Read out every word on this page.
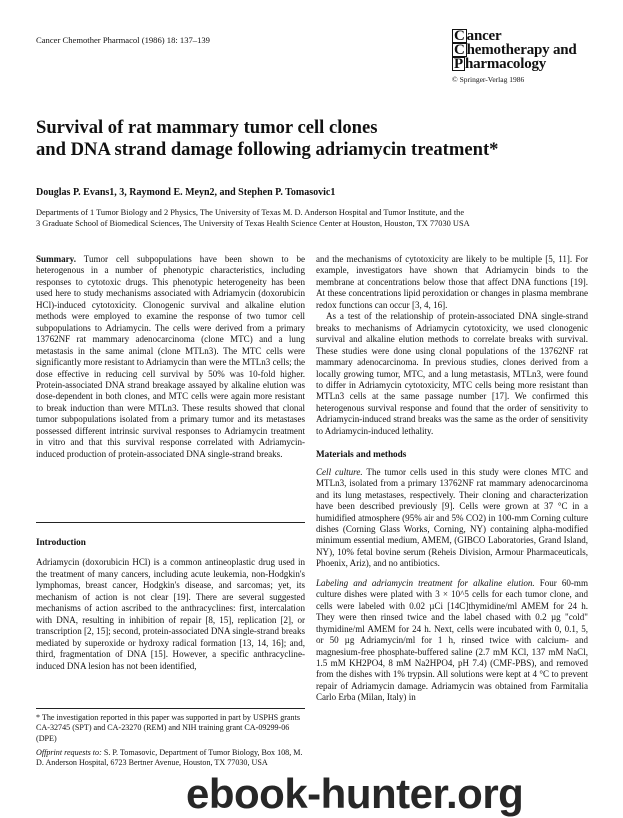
Cancer Chemother Pharmacol (1986) 18: 137–139	C ancer
C hemotherapy and
P harmacology
© Springer-Verlag 1986
Survival of rat mammary tumor cell clones
and DNA strand damage following adriamycin treatment*
Douglas P. Evans1, 3, Raymond E. Meyn2, and Stephen P. Tomasovic1
Departments of 1 Tumor Biology and 2 Physics, The University of Texas M. D. Anderson Hospital and Tumor Institute, and the
3 Graduate School of Biomedical Sciences, The University of Texas Health Science Center at Houston, Houston, TX 77030 USA

Summary. Tumor cell subpopulations have been shown to be heterogenous in a number of phenotypic characteristics, including responses to cytotoxic drugs. This phenotypic heterogeneity has been used here to study mechanisms associated with Adriamycin (doxorubicin HCl)-induced cytotoxicity. Clonogenic survival and alkaline elution methods were employed to examine the response of two tumor cell subpopulations to Adriamycin. The cells were derived from a primary 13762NF rat mammary adenocarcinoma (clone MTC) and a lung metastasis in the same animal (clone MTLn3). The MTC cells were significantly more resistant to Adriamycin than were the MTLn3 cells; the dose effective in reducing cell survival by 50% was 10-fold higher. Protein-associated DNA strand breakage assayed by alkaline elution was dose-dependent in both clones, and MTC cells were again more resistant to break induction than were MTLn3. These results showed that clonal tumor subpopulations isolated from a primary tumor and its metastases possessed different intrinsic survival responses to Adriamycin treatment in vitro and that this survival response correlated with Adriamycin-induced production of protein-associated DNA single-strand breaks.

Introduction

Adriamycin (doxorubicin HCl) is a common antineoplastic drug used in the treatment of many cancers, including acute leukemia, non-Hodgkin's lymphomas, breast cancer, Hodgkin's disease, and sarcomas; yet, its mechanism of action is not clear [19]. There are several suggested mechanisms of action ascribed to the anthracyclines: first, intercalation with DNA, resulting in inhibition of repair [8, 15], replication [2], or transcription [2, 15]; second, protein-associated DNA single-strand breaks mediated by superoxide or hydroxy radical formation [13, 14, 16]; and, third, fragmentation of DNA [15]. However, a specific anthracycline-induced DNA lesion has not been identified,

* The investigation reported in this paper was supported in part by USPHS grants CA-32745 (SPT) and CA-23270 (REM) and NIH training grant CA-09299-06 (DPE)

Offprint requests to: S. P. Tomasovic, Department of Tumor Biology, Box 108, M. D. Anderson Hospital, 6723 Bertner Avenue, Houston, TX 77030, USA

and the mechanisms of cytotoxicity are likely to be multiple [5, 11]. For example, investigators have shown that Adriamycin binds to the membrane at concentrations below those that affect DNA functions [19]. At these concentrations lipid peroxidation or changes in plasma membrane redox functions can occur [3, 4, 16].

As a test of the relationship of protein-associated DNA single-strand breaks to mechanisms of Adriamycin cytotoxicity, we used clonogenic survival and alkaline elution methods to correlate breaks with survival. These studies were done using clonal populations of the 13762NF rat mammary adenocarcinoma. In previous studies, clones derived from a locally growing tumor, MTC, and a lung metastasis, MTLn3, were found to differ in Adriamycin cytotoxicity, MTC cells being more resistant than MTLn3 cells at the same passage number [17]. We confirmed this heterogenous survival response and found that the order of sensitivity to Adriamycin-induced strand breaks was the same as the order of sensitivity to Adriamycin-induced lethality.

Materials and methods

Cell culture. The tumor cells used in this study were clones MTC and MTLn3, isolated from a primary 13762NF rat mammary adenocarcinoma and its lung metastases, respectively. Their cloning and characterization have been described previously [9]. Cells were grown at 37 °C in a humidified atmosphere (95% air and 5% CO2) in 100-mm Corning culture dishes (Corning Glass Works, Corning, NY) containing alpha-modified minimum essential medium, AMEM, (GIBCO Laboratories, Grand Island, NY), 10% fetal bovine serum (Reheis Division, Armour Pharmaceuticals, Phoenix, Ariz), and no antibiotics.

Labeling and adriamycin treatment for alkaline elution. Four 60-mm culture dishes were plated with 3 × 10^5 cells for each tumor clone, and cells were labeled with 0.02 µCi [14C]thymidine/ml AMEM for 24 h. They were then rinsed twice and the label chased with 0.2 µg "cold" thymidine/ml AMEM for 24 h. Next, cells were incubated with 0, 0.1, 5, or 50 µg Adriamycin/ml for 1 h, rinsed twice with calcium- and magnesium-free phosphate-buffered saline (2.7 mM KCl, 137 mM NaCl, 1.5 mM KH2PO4, 8 mM Na2HPO4, pH 7.4) (CMF-PBS), and removed from the dishes with 1% trypsin. All solutions were kept at 4 °C to prevent repair of Adriamycin damage. Adriamycin was obtained from Farmitalia Carlo Erba (Milan, Italy) in

ebook-hunter.org
